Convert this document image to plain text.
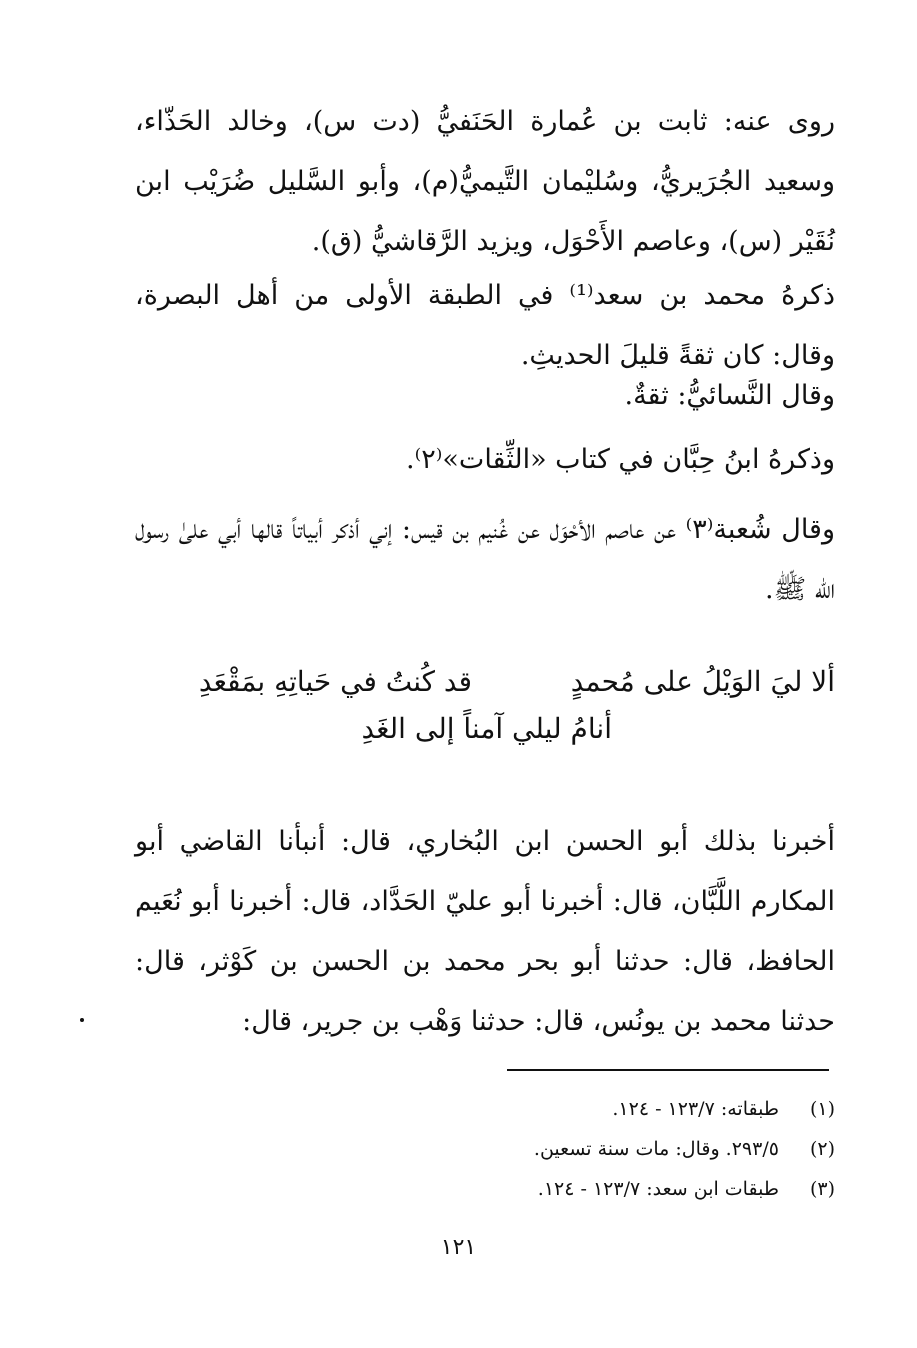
روى عنه: ثابت بن عُمارة الحَنَفيُّ (دت س)، وخالد الحَذّاء، وسعيد الجُرَيريُّ، وسُليْمان التَّيميُّ(م)، وأبو السَّليل ضُرَيْب ابن نُقَيْر (س)، وعاصم الأَحْوَل، ويزيد الرَّقاشيُّ (ق).

ذكرهُ محمد بن سعد⁽¹⁾ في الطبقة الأولى من أهل البصرة، وقال: كان ثقةً قليلَ الحديثِ.

وقال النَّسائيُّ: ثقةٌ.

وذكرهُ ابنُ حِبَّان في كتاب «الثِّقات»⁽٢⁾.

وقال شُعبة⁽٣⁾ عن عاصم الأحْوَل عن غُنيم بن قيس: إني أذكر أبياتاً قالها أبي علىٰ رسول الله ﷺ.

ألا ليَ الوَيْلُ على مُحمدٍ

قد كُنتُ في حَياتِهِ بمَقْعَدِ

أنامُ ليلي آمناً إلى الغَدِ

أخبرنا بذلك أبو الحسن ابن البُخاري، قال: أنبأنا القاضي أبو المكارم اللَّبَّان، قال: أخبرنا أبو عليّ الحَدَّاد، قال: أخبرنا أبو نُعَيم الحافظ، قال: حدثنا أبو بحر محمد بن الحسن بن كَوْثر، قال: حدثنا محمد بن يونُس، قال: حدثنا وَهْب بن جرير، قال:

(١) طبقاته: ١٢٣/٧ - ١٢٤.

(٢) ٢٩٣/٥. وقال: مات سنة تسعين.

(٣) طبقات ابن سعد: ١٢٣/٧ - ١٢٤.

١٢١
